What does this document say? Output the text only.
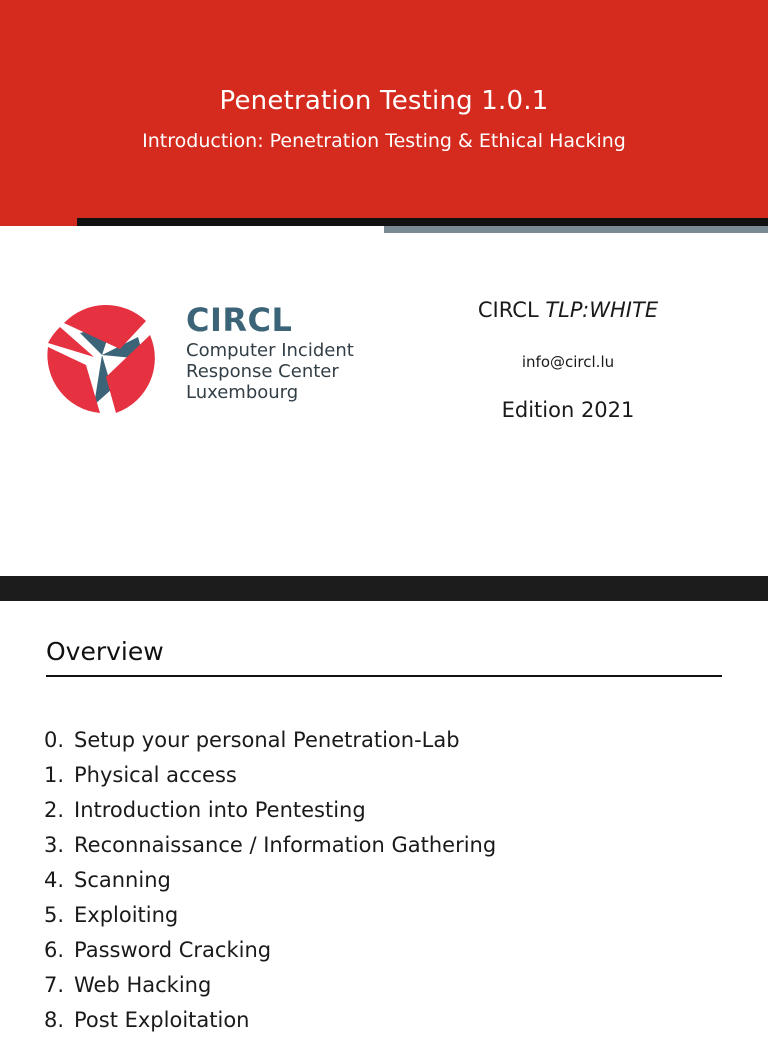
Penetration Testing 1.0.1
Introduction: Penetration Testing & Ethical Hacking
CIRCL
Computer Incident
Response Center
Luxembourg
CIRCL TLP:WHITE
info@circl.lu
Edition 2021
Overview
0. Setup your personal Penetration-Lab
1. Physical access
2. Introduction into Pentesting
3. Reconnaissance / Information Gathering
4. Scanning
5. Exploiting
6. Password Cracking
7. Web Hacking
8. Post Exploitation
